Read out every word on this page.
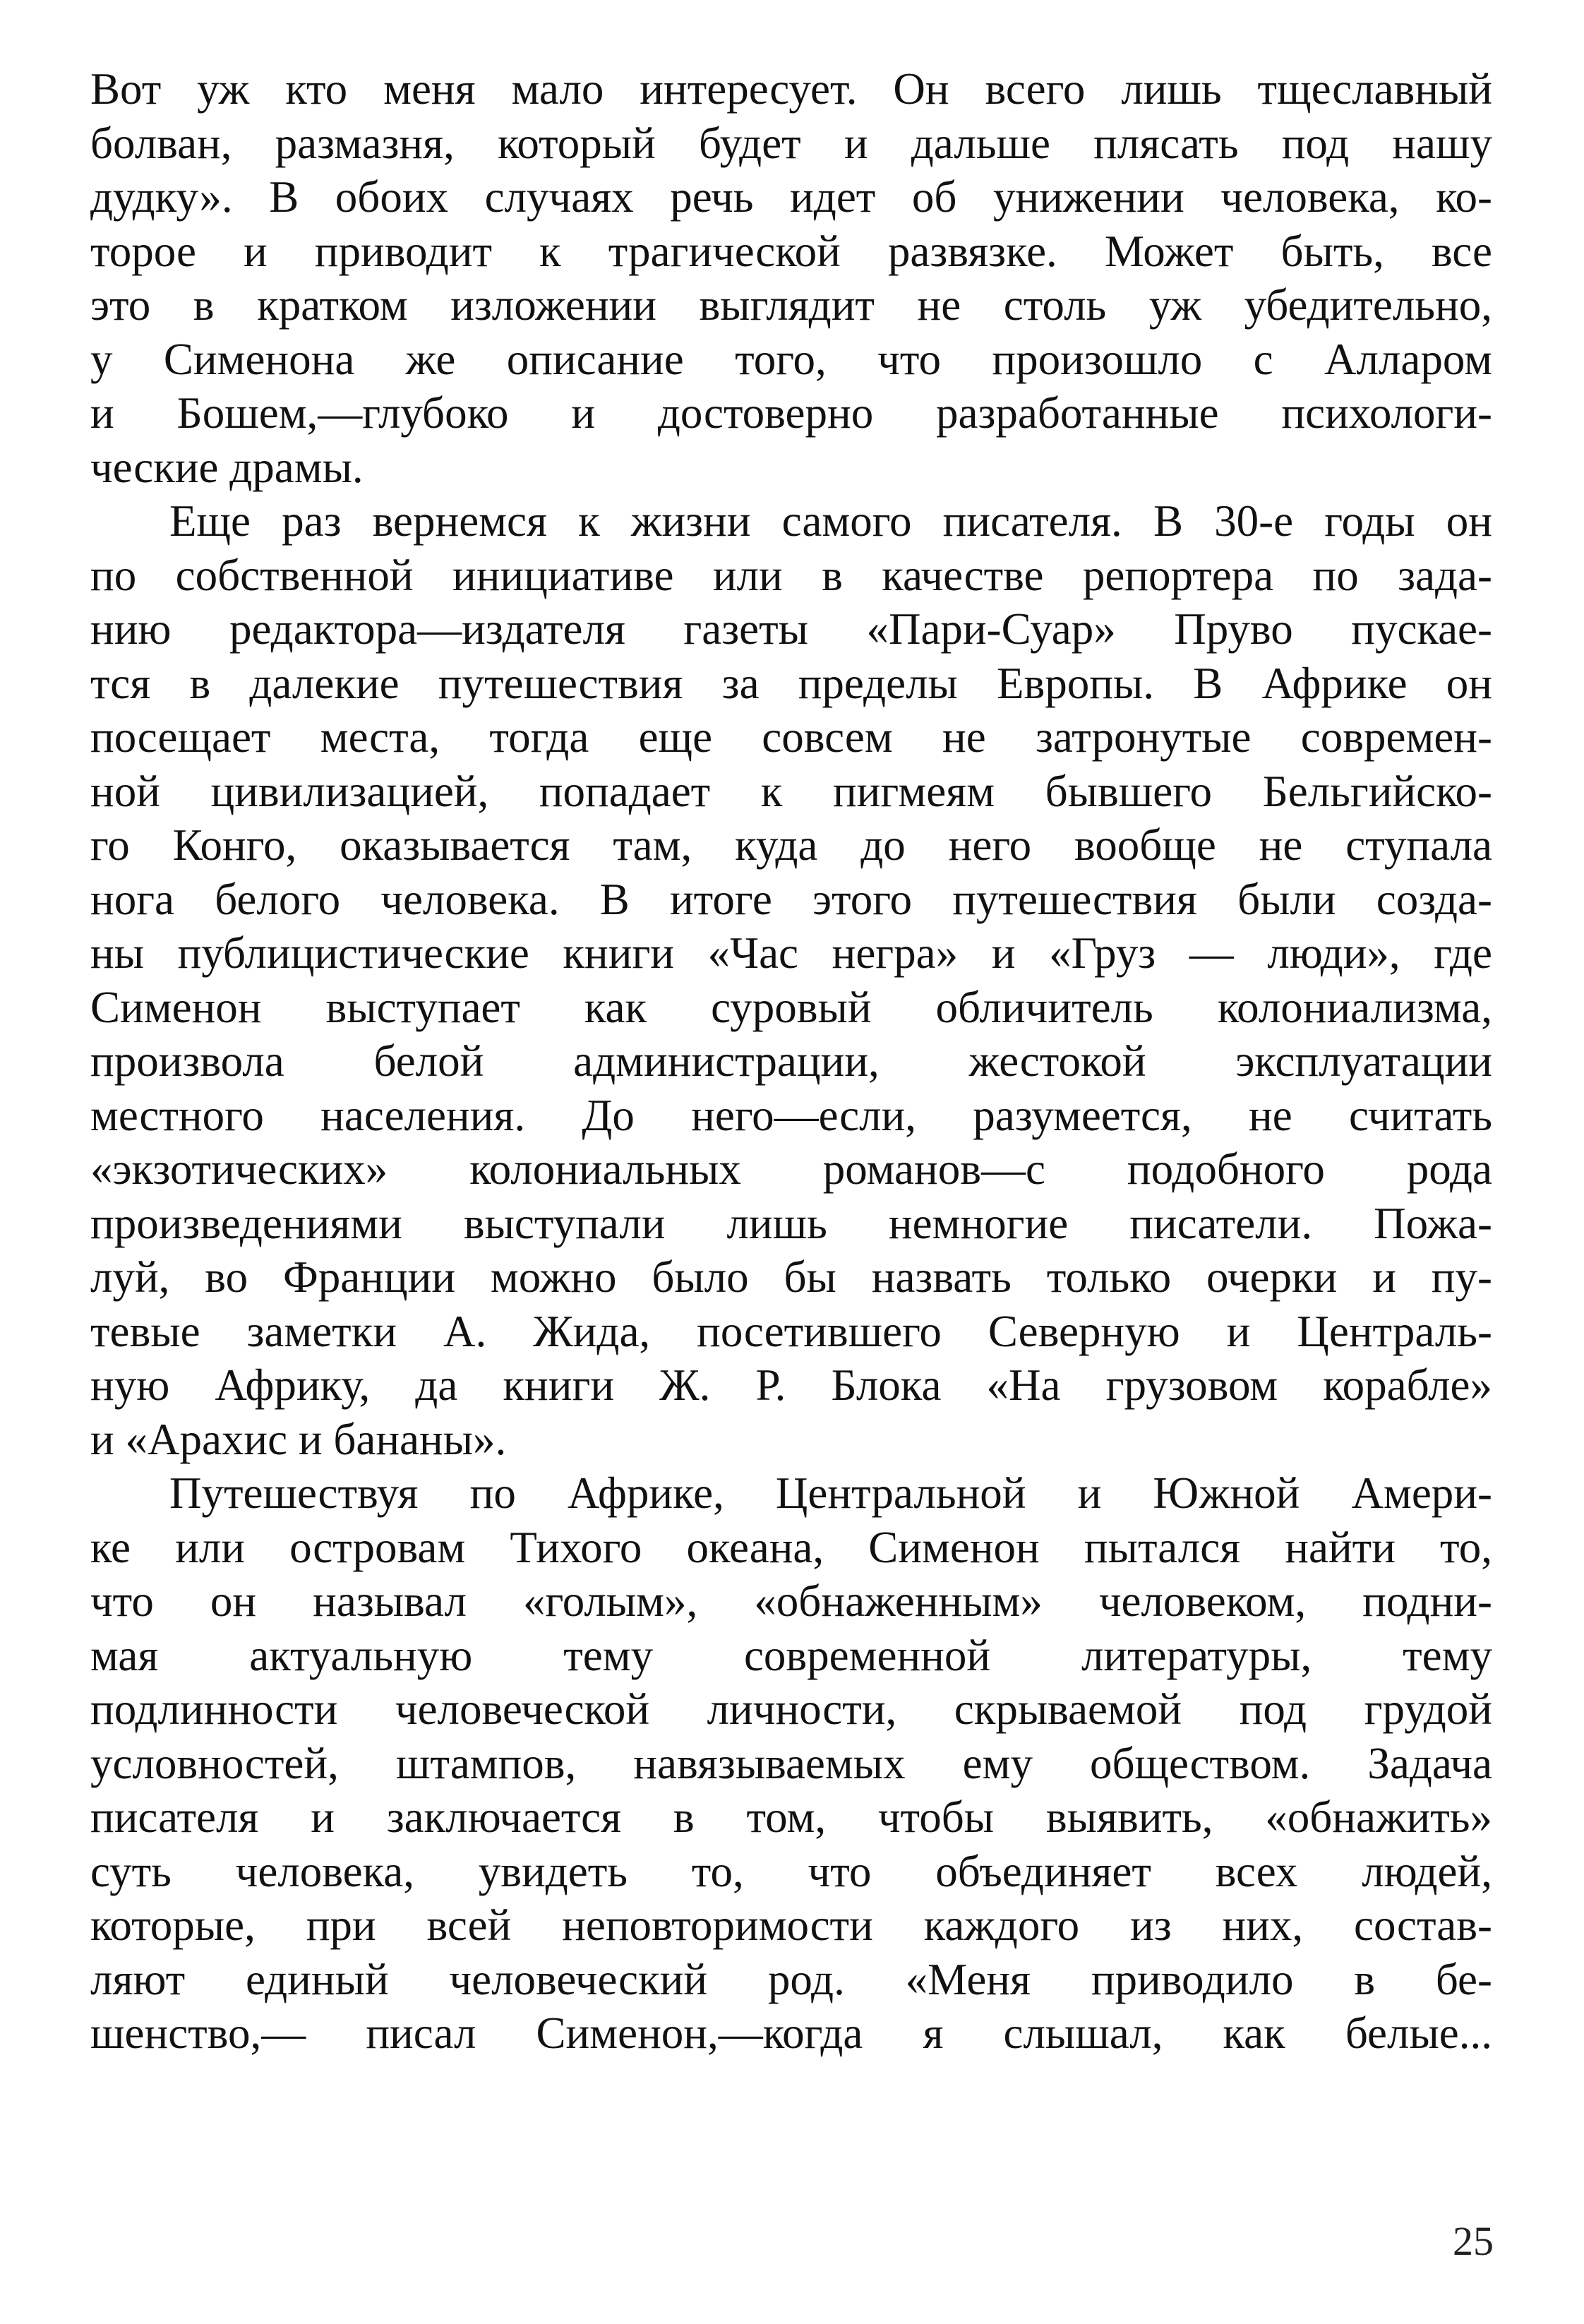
Вот уж кто меня мало интересует. Он всего лишь тщеславный
болван, размазня, который будет и дальше плясать под нашу
дудку». В обоих случаях речь идет об унижении человека, ко-
торое и приводит к трагической развязке. Может быть, все
это в кратком изложении выглядит не столь уж убедительно,
у Сименона же описание того, что произошло с Алларом
и Бошем,—глубоко и достоверно разработанные психологи-
ческие драмы.
Еще раз вернемся к жизни самого писателя. В 30-е годы он
по собственной инициативе или в качестве репортера по зада-
нию редактора—издателя газеты «Пари-Суар» Пруво пускае-
тся в далекие путешествия за пределы Европы. В Африке он
посещает места, тогда еще совсем не затронутые современ-
ной цивилизацией, попадает к пигмеям бывшего Бельгийско-
го Конго, оказывается там, куда до него вообще не ступала
нога белого человека. В итоге этого путешествия были созда-
ны публицистические книги «Час негра» и «Груз — люди», где
Сименон выступает как суровый обличитель колониализма,
произвола белой администрации, жестокой эксплуатации
местного населения. До него—если, разумеется, не считать
«экзотических» колониальных романов—с подобного рода
произведениями выступали лишь немногие писатели. Пожа-
луй, во Франции можно было бы назвать только очерки и пу-
тевые заметки А. Жида, посетившего Северную и Централь-
ную Африку, да книги Ж. Р. Блока «На грузовом корабле»
и «Арахис и бананы».
Путешествуя по Африке, Центральной и Южной Амери-
ке или островам Тихого океана, Сименон пытался найти то,
что он называл «голым», «обнаженным» человеком, подни-
мая актуальную тему современной литературы, тему
подлинности человеческой личности, скрываемой под грудой
условностей, штампов, навязываемых ему обществом. Задача
писателя и заключается в том, чтобы выявить, «обнажить»
суть человека, увидеть то, что объединяет всех людей,
которые, при всей неповторимости каждого из них, состав-
ляют единый человеческий род. «Меня приводило в бе-
шенство,— писал Сименон,—когда я слышал, как белые...
25
